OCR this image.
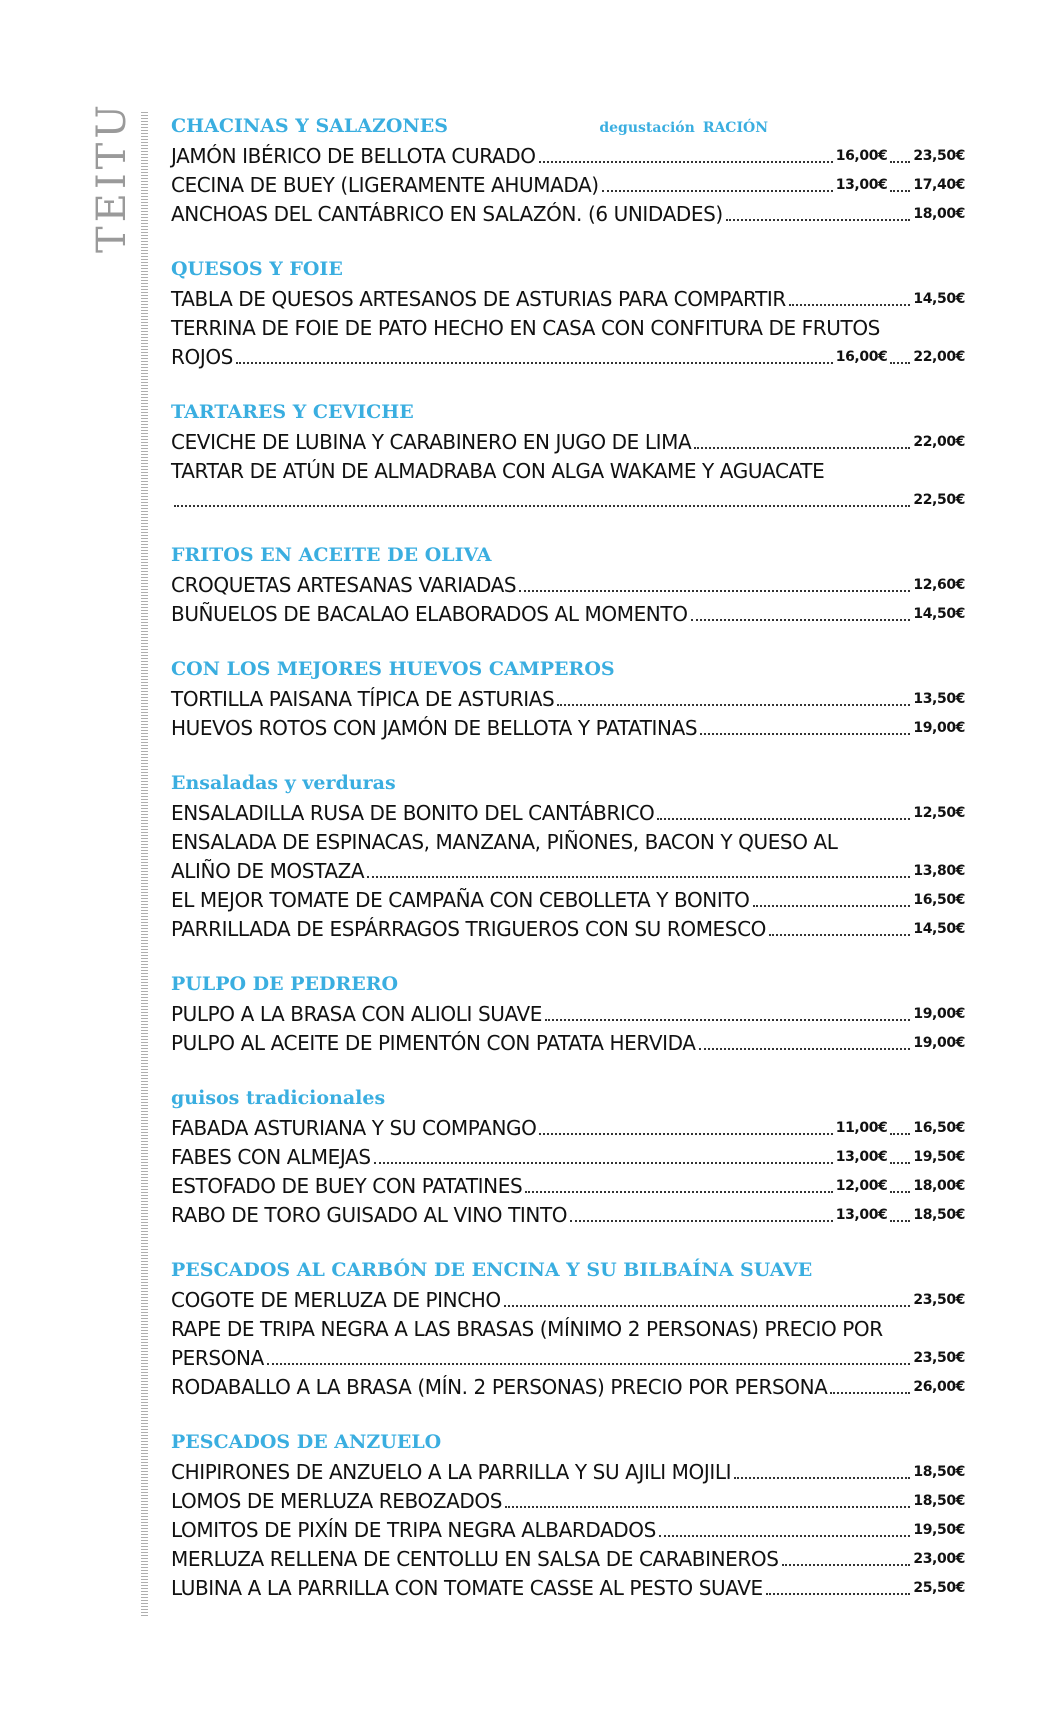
TEITU CHACINAS Y SALAZONES	degustación RACIÓN
JAMÓN IBÉRICO DE BELLOTA CURADO	16,00€ 23,50€
CECINA DE BUEY (LIGERAMENTE AHUMADA)	13,00€ 17,40€
ANCHOAS DEL CANTÁBRICO EN SALAZÓN. (6 UNIDADES)	18,00€
QUESOS Y FOIE
TABLA DE QUESOS ARTESANOS DE ASTURIAS PARA COMPARTIR	14,50€
TERRINA DE FOIE DE PATO HECHO EN CASA CON CONFITURA DE FRUTOS
ROJOS	16,00€ 22,00€
TARTARES Y CEVICHE
CEVICHE DE LUBINA Y CARABINERO EN JUGO DE LIMA	22,00€
TARTAR DE ATÚN DE ALMADRABA CON ALGA WAKAME Y AGUACATE
22,50€
FRITOS EN ACEITE DE OLIVA
CROQUETAS ARTESANAS VARIADAS	12,60€
BUÑUELOS DE BACALAO ELABORADOS AL MOMENTO	14,50€
CON LOS MEJORES HUEVOS CAMPEROS
TORTILLA PAISANA TÍPICA DE ASTURIAS	13,50€
HUEVOS ROTOS CON JAMÓN DE BELLOTA Y PATATINAS	19,00€
Ensaladas y verduras
ENSALADILLA RUSA DE BONITO DEL CANTÁBRICO	12,50€
ENSALADA DE ESPINACAS, MANZANA, PIÑONES, BACON Y QUESO AL
ALIÑO DE MOSTAZA	13,80€
EL MEJOR TOMATE DE CAMPAÑA CON CEBOLLETA Y BONITO	16,50€
PARRILLADA DE ESPÁRRAGOS TRIGUEROS CON SU ROMESCO	14,50€
PULPO DE PEDRERO
PULPO A LA BRASA CON ALIOLI SUAVE	19,00€
PULPO AL ACEITE DE PIMENTÓN CON PATATA HERVIDA	19,00€
guisos tradicionales
FABADA ASTURIANA Y SU COMPANGO	11,00€ 16,50€
FABES CON ALMEJAS	13,00€ 19,50€
ESTOFADO DE BUEY CON PATATINES	12,00€ 18,00€
RABO DE TORO GUISADO AL VINO TINTO	13,00€ 18,50€
PESCADOS AL CARBÓN DE ENCINA Y SU BILBAÍNA SUAVE
COGOTE DE MERLUZA DE PINCHO	23,50€
RAPE DE TRIPA NEGRA A LAS BRASAS (MÍNIMO 2 PERSONAS) PRECIO POR
PERSONA	23,50€
RODABALLO A LA BRASA (MÍN. 2 PERSONAS) PRECIO POR PERSONA	26,00€
PESCADOS DE ANZUELO
CHIPIRONES DE ANZUELO A LA PARRILLA Y SU AJILI MOJILI	18,50€
LOMOS DE MERLUZA REBOZADOS	18,50€
LOMITOS DE PIXÍN DE TRIPA NEGRA ALBARDADOS	19,50€
MERLUZA RELLENA DE CENTOLLU EN SALSA DE CARABINEROS	23,00€
LUBINA A LA PARRILLA CON TOMATE CASSE AL PESTO SUAVE	25,50€
